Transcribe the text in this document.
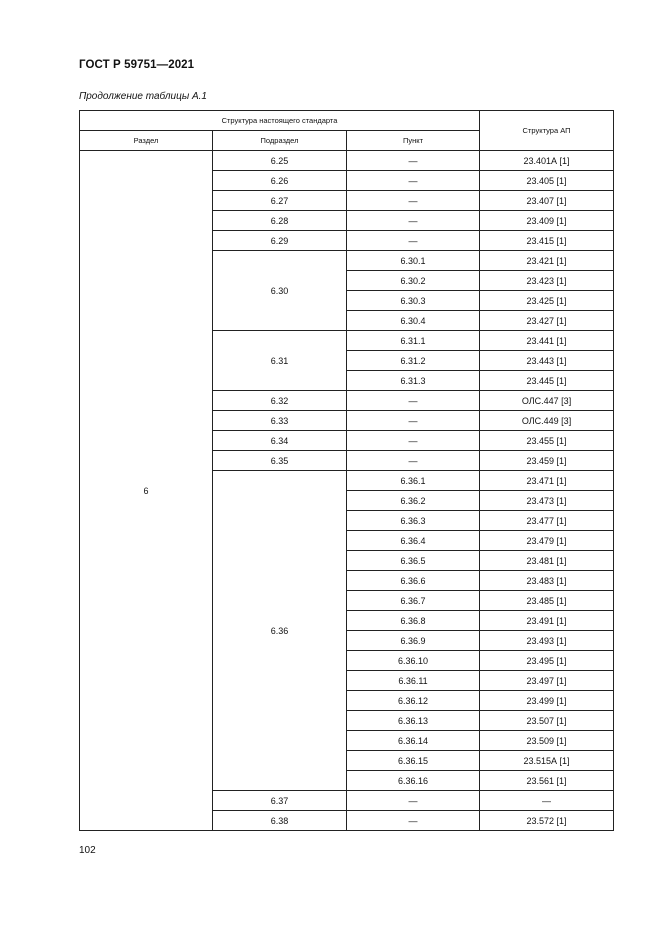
ГОСТ Р 59751—2021
Продолжение таблицы А.1
Структура настоящего стандарта			Структура АП
Раздел	Подраздел	Пункт	
6	6.25	—	23.401А [1]
	6.26	—	23.405 [1]
	6.27	—	23.407 [1]
	6.28	—	23.409 [1]
	6.29	—	23.415 [1]
	6.30	6.30.1	23.421 [1]
		6.30.2	23.423 [1]
		6.30.3	23.425 [1]
		6.30.4	23.427 [1]
	6.31	6.31.1	23.441 [1]
		6.31.2	23.443 [1]
		6.31.3	23.445 [1]
	6.32	—	ОЛС.447 [3]
	6.33	—	ОЛС.449 [3]
	6.34	—	23.455 [1]
	6.35	—	23.459 [1]
	6.36	6.36.1	23.471 [1]
		6.36.2	23.473 [1]
		6.36.3	23.477 [1]
		6.36.4	23.479 [1]
		6.36.5	23.481 [1]
		6.36.6	23.483 [1]
		6.36.7	23.485 [1]
		6.36.8	23.491 [1]
		6.36.9	23.493 [1]
		6.36.10	23.495 [1]
		6.36.11	23.497 [1]
		6.36.12	23.499 [1]
		6.36.13	23.507 [1]
		6.36.14	23.509 [1]
		6.36.15	23.515А [1]
		6.36.16	23.561 [1]
	6.37	—	—
	6.38	—	23.572 [1]
102
